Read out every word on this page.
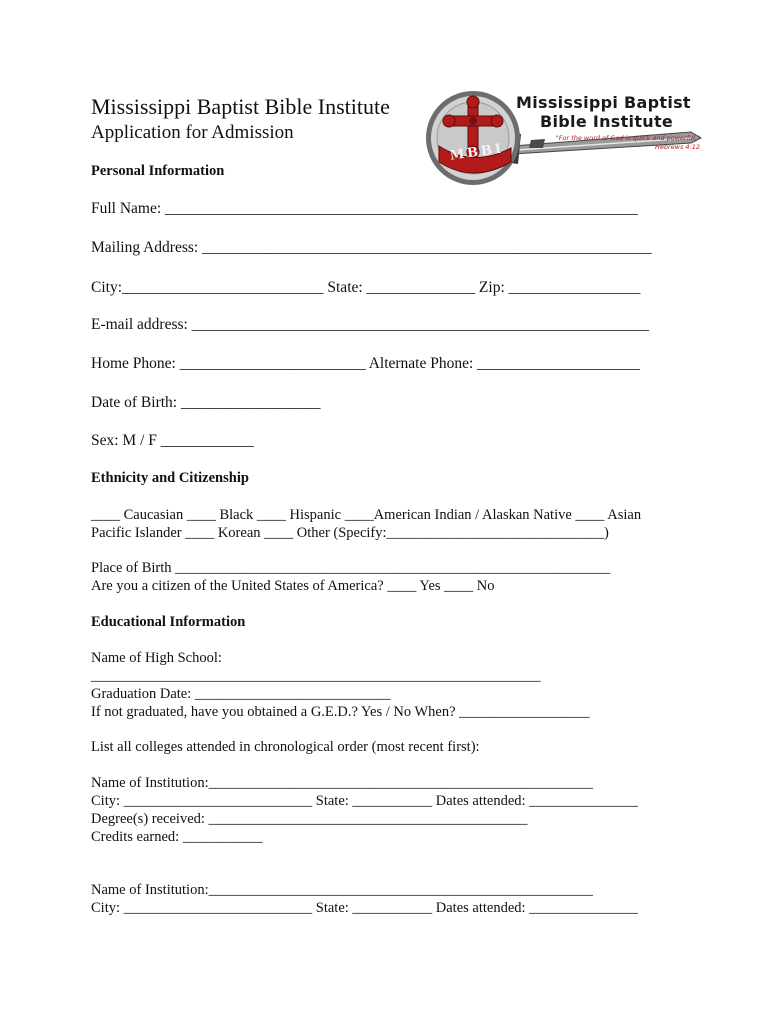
Mississippi Baptist Bible Institute
Application for Admission
MBBI
Mississippi Baptist
Bible Institute
"For the word of God is quick and powerful,"
Hebrews 4:12
Personal Information
Full Name: _____________________________________________________________
Mailing Address: __________________________________________________________
City:__________________________ State: ______________ Zip: _________________
E-mail address: ___________________________________________________________
Home Phone: ________________________ Alternate Phone: _____________________
Date of Birth: __________________
Sex: M / F ____________
Ethnicity and Citizenship
____ Caucasian ____ Black ____ Hispanic ____American Indian / Alaskan Native ____ Asian
Pacific Islander ____ Korean ____ Other (Specify:______________________________)
Place of Birth ____________________________________________________________
Are you a citizen of the United States of America? ____ Yes ____ No
Educational Information
Name of High School:
______________________________________________________________
Graduation Date: ___________________________
If not graduated, have you obtained a G.E.D.? Yes / No When? __________________
List all colleges attended in chronological order (most recent first):
Name of Institution:_____________________________________________________
City: __________________________ State: ___________ Dates attended: _______________
Degree(s) received: ____________________________________________
Credits earned: ___________
Name of Institution:_____________________________________________________
City: __________________________ State: ___________ Dates attended: _______________
